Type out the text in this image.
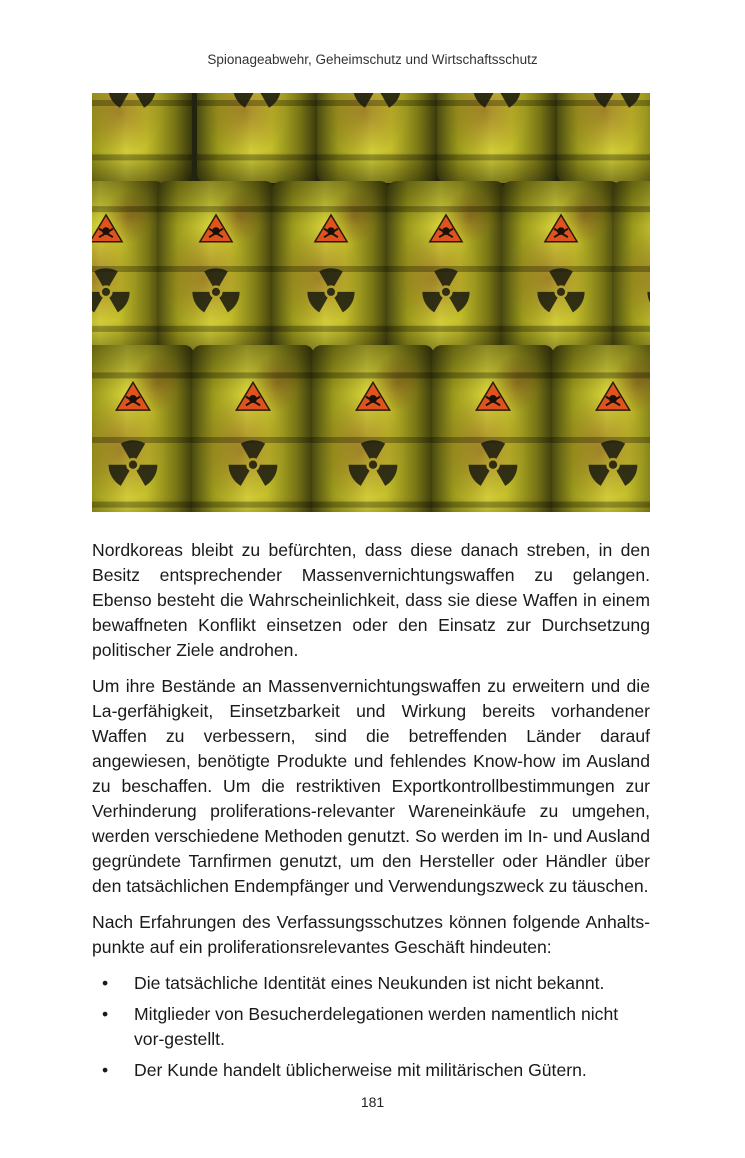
Spionageabwehr, Geheimschutz und Wirtschaftsschutz

Nordkoreas bleibt zu befürchten, dass diese danach streben, in den Besitz entsprechender Massenvernichtungswaffen zu gelangen. Ebenso besteht die Wahrscheinlichkeit, dass sie diese Waffen in einem bewaffneten Konflikt einsetzen oder den Einsatz zur Durchsetzung politischer Ziele androhen.

Um ihre Bestände an Massenvernichtungswaffen zu erweitern und die La-gerfähigkeit, Einsetzbarkeit und Wirkung bereits vorhandener Waffen zu verbessern, sind die betreffenden Länder darauf angewiesen, benötigte Produkte und fehlendes Know-how im Ausland zu beschaffen. Um die restriktiven Exportkontrollbestimmungen zur Verhinderung proliferations-relevanter Wareneinkäufe zu umgehen, werden verschiedene Methoden genutzt. So werden im In- und Ausland gegründete Tarnfirmen genutzt, um den Hersteller oder Händler über den tatsächlichen Endempfänger und Verwendungszweck zu täuschen.

Nach Erfahrungen des Verfassungsschutzes können folgende Anhalts-punkte auf ein proliferationsrelevantes Geschäft hindeuten:

• Die tatsächliche Identität eines Neukunden ist nicht bekannt.
• Mitglieder von Besucherdelegationen werden namentlich nicht vor-gestellt.
• Der Kunde handelt üblicherweise mit militärischen Gütern.
181
